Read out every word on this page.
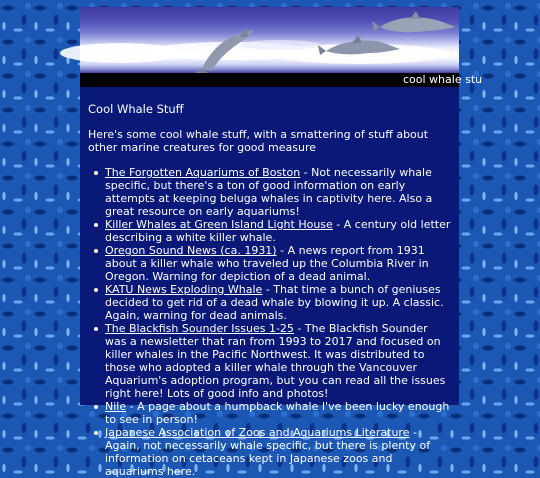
cool whale stu
Cool Whale Stuff

Here's some cool whale stuff, with a smattering of stuff about other marine creatures for good measure

The Forgotten Aquariums of Boston - Not necessarily whale specific, but there's a ton of good information on early attempts at keeping beluga whales in captivity here. Also a great resource on early aquariums!
Killer Whales at Green Island Light House - A century old letter describing a white killer whale.
Oregon Sound News (ca. 1931) - A news report from 1931 about a killer whale who traveled up the Columbia River in Oregon. Warning for depiction of a dead animal.
KATU News Exploding Whale - That time a bunch of geniuses decided to get rid of a dead whale by blowing it up. A classic. Again, warning for dead animals.
The Blackfish Sounder Issues 1-25 - The Blackfish Sounder was a newsletter that ran from 1993 to 2017 and focused on killer whales in the Pacific Northwest. It was distributed to those who adopted a killer whale through the Vancouver Aquarium's adoption program, but you can read all the issues right here! Lots of good info and photos!
Nile - A page about a humpback whale I've been lucky enough to see in person!
Japanese Association of Zoos and Aquariums Literature - Again, not necessarily whale specific, but there is plenty of information on cetaceans kept in Japanese zoos and aquariums here.
